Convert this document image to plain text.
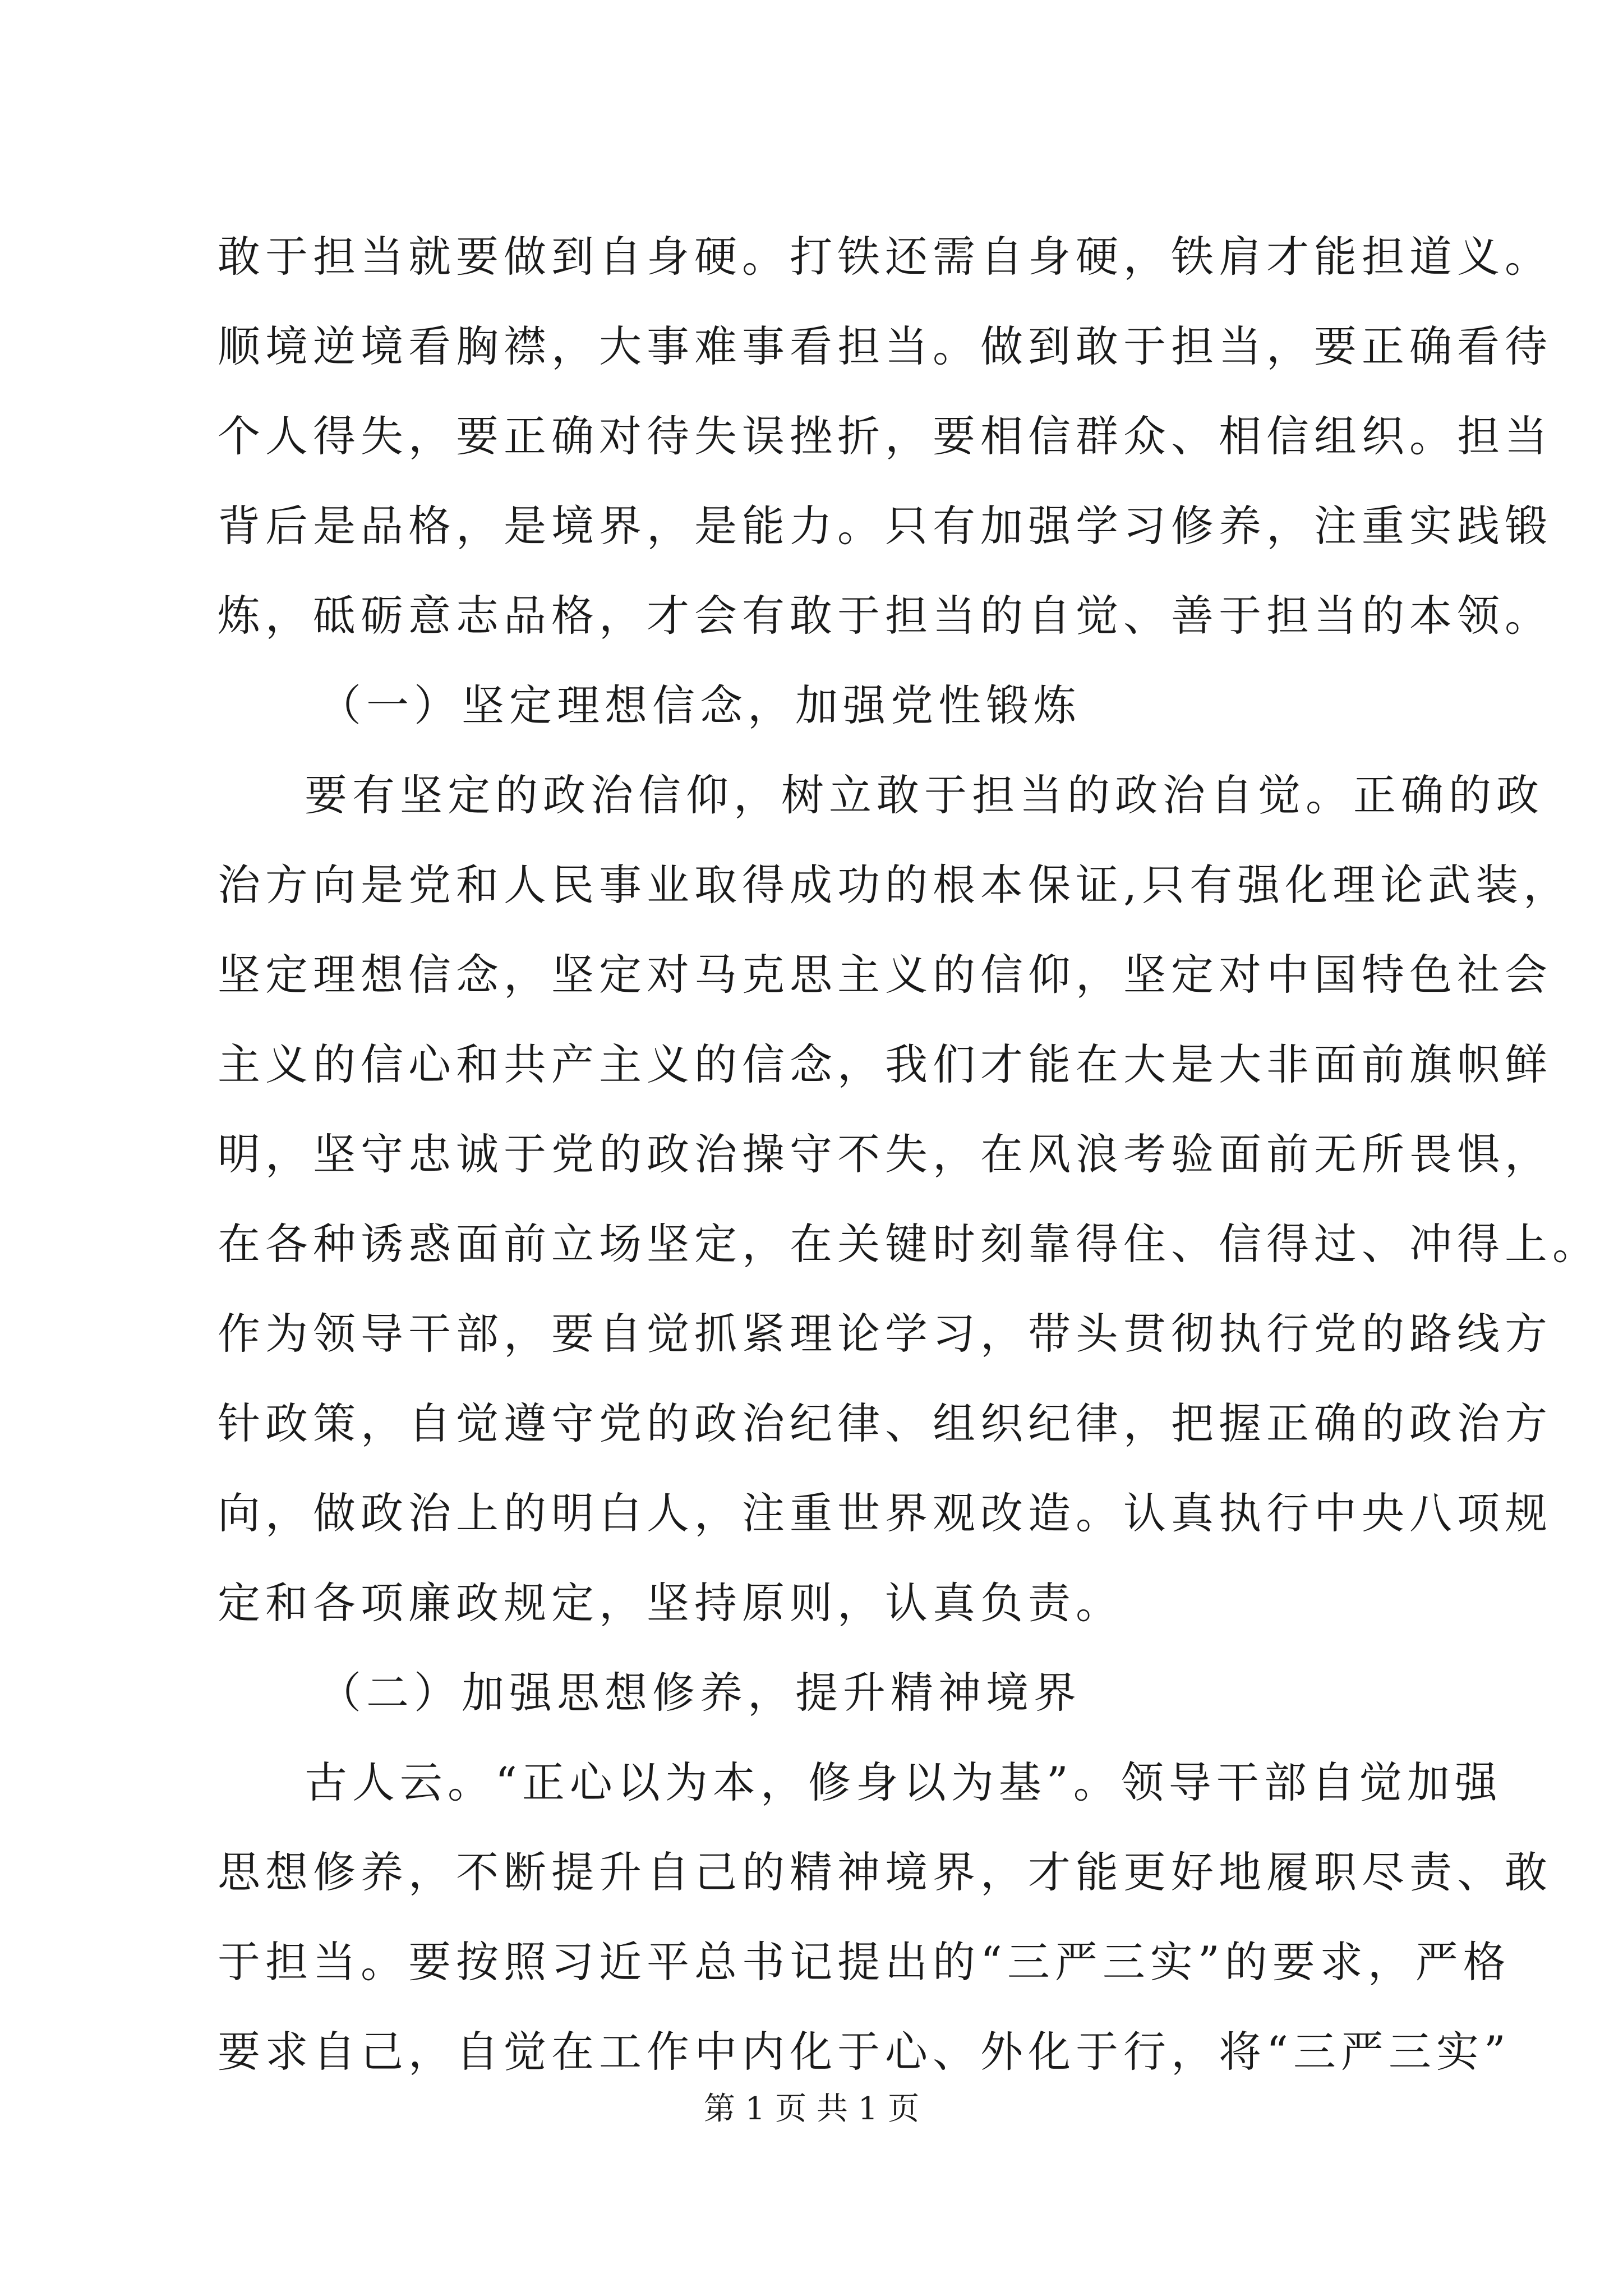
敢于担当就要做到自身硬。打铁还需自身硬，铁肩才能担道义。
顺境逆境看胸襟，大事难事看担当。做到敢于担当，要正确看待
个人得失，要正确对待失误挫折，要相信群众、相信组织。担当
背后是品格，是境界，是能力。只有加强学习修养，注重实践锻
炼，砥砺意志品格，才会有敢于担当的自觉、善于担当的本领。
（一）坚定理想信念，加强党性锻炼
要有坚定的政治信仰，树立敢于担当的政治自觉。正确的政
治方向是党和人民事业取得成功的根本保证,只有强化理论武装，
坚定理想信念，坚定对马克思主义的信仰，坚定对中国特色社会
主义的信心和共产主义的信念，我们才能在大是大非面前旗帜鲜
明，坚守忠诚于党的政治操守不失，在风浪考验面前无所畏惧，
在各种诱惑面前立场坚定，在关键时刻靠得住、信得过、冲得上。
作为领导干部，要自觉抓紧理论学习，带头贯彻执行党的路线方
针政策，自觉遵守党的政治纪律、组织纪律，把握正确的政治方
向，做政治上的明白人，注重世界观改造。认真执行中央八项规
定和各项廉政规定，坚持原则，认真负责。
（二）加强思想修养，提升精神境界
古人云。“正心以为本，修身以为基”。领导干部自觉加强
思想修养，不断提升自己的精神境界，才能更好地履职尽责、敢
于担当。要按照习近平总书记提出的“三严三实”的要求，严格
要求自己，自觉在工作中内化于心、外化于行，将“三严三实”
第 1 页 共 1 页
